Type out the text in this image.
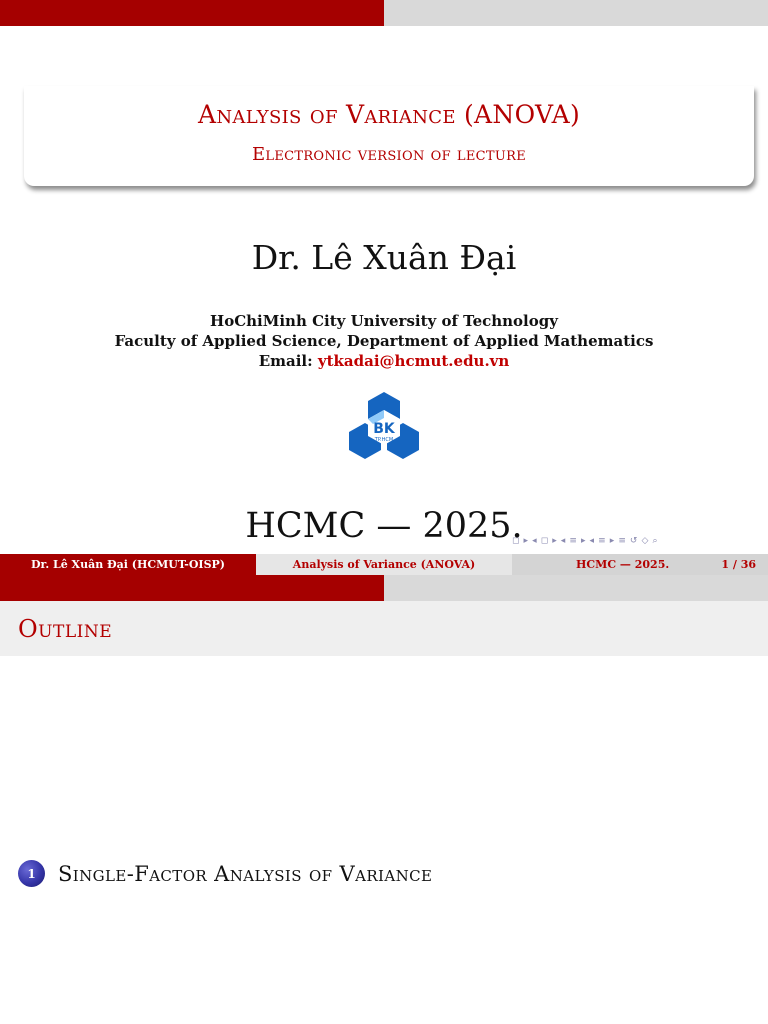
Analysis of Variance (ANOVA)
Electronic version of lecture
Dr. Lê Xuân Đại
HoChiMinh City University of Technology
Faculty of Applied Science, Department of Applied Mathematics
Email: ytkadai@hcmut.edu.vn
BK
TP.HCM
HCMC — 2025.
◻ ▸ ◂ ◻ ▸ ◂ ≡ ▸ ◂ ≡ ▸ ≡ ↺ ◇ ⌕
Dr. Lê Xuân Đại (HCMUT-OISP)	Analysis of Variance (ANOVA)	HCMC — 2025.	1 / 36
Outline
1	Single-Factor Analysis of Variance
